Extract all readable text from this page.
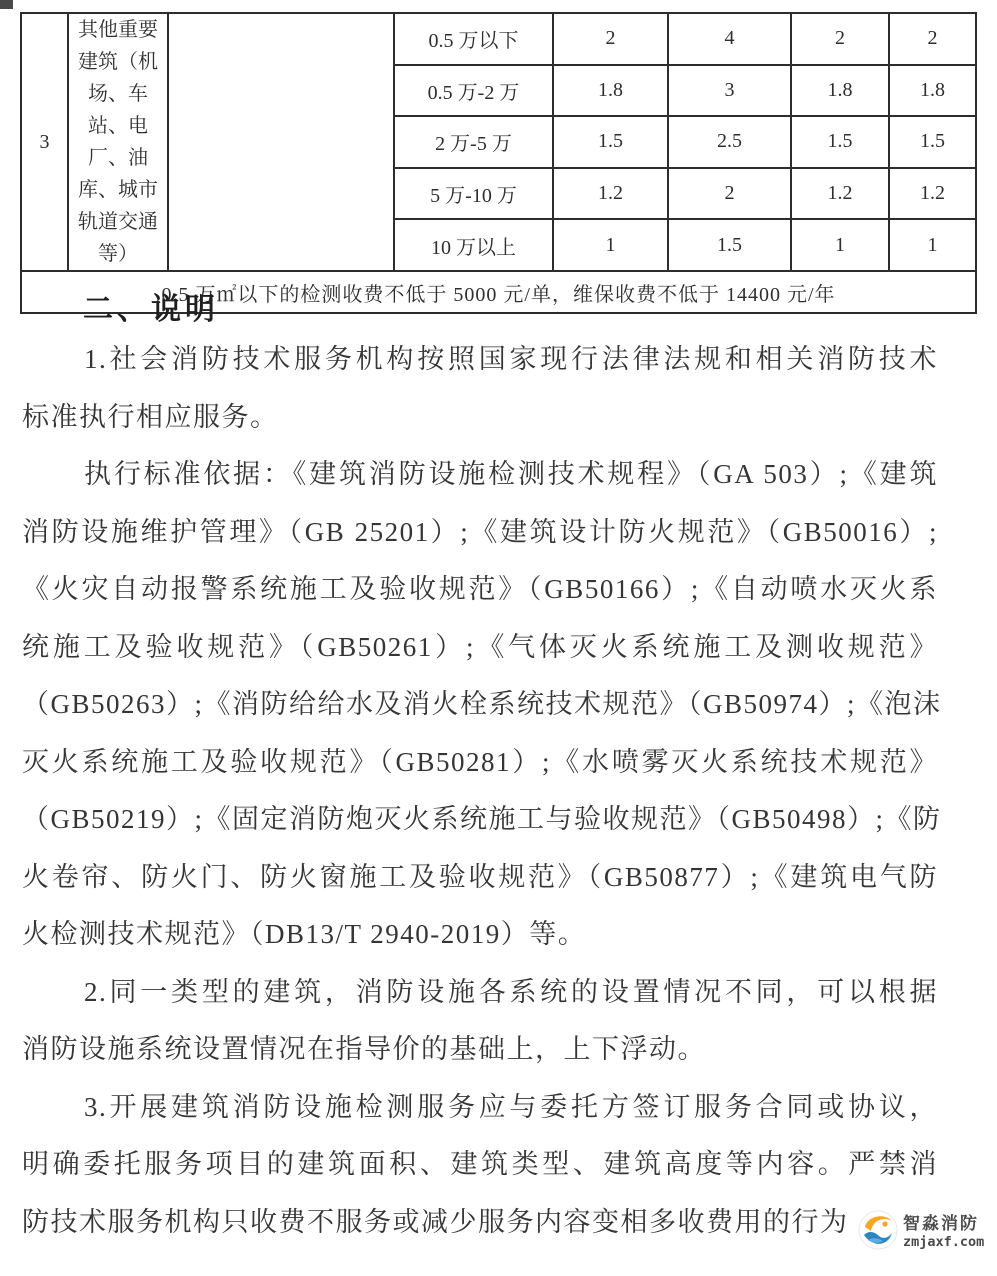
3	其他重要建筑（机场、车站、电厂、油库、城市轨道交通等）		0.5 万以下	2	4	2	2
			0.5 万-2 万	1.8	3	1.8	1.8
			2 万-5 万	1.5	2.5	1.5	1.5
			5 万-10 万	1.2	2	1.2	1.2
			10 万以上	1	1.5	1	1
0.5 万㎡以下的检测收费不低于 5000 元/单，维保收费不低于 14400 元/年							
二、说明
1.社会消防技术服务机构按照国家现行法律法规和相关消防技术
标准执行相应服务。
执行标准依据：《建筑消防设施检测技术规程》（GA 503）;《建筑
消防设施维护管理》（GB 25201）;《建筑设计防火规范》（GB50016）;
《火灾自动报警系统施工及验收规范》（GB50166）;《自动喷水灭火系
统施工及验收规范》（GB50261）;《气体灭火系统施工及测收规范》
（GB50263）;《消防给给水及消火栓系统技术规范》（GB50974）;《泡沫
灭火系统施工及验收规范》（GB50281）;《水喷雾灭火系统技术规范》
（GB50219）;《固定消防炮灭火系统施工与验收规范》（GB50498）;《防
火卷帘、防火门、防火窗施工及验收规范》（GB50877）;《建筑电气防
火检测技术规范》（DB13/T 2940-2019）等。
2.同一类型的建筑，消防设施各系统的设置情况不同，可以根据
消防设施系统设置情况在指导价的基础上，上下浮动。
3.开展建筑消防设施检测服务应与委托方签订服务合同或协议，
明确委托服务项目的建筑面积、建筑类型、建筑高度等内容。严禁消
防技术服务机构只收费不服务或减少服务内容变相多收费用的行为	智淼消防
zmjaxf.com
